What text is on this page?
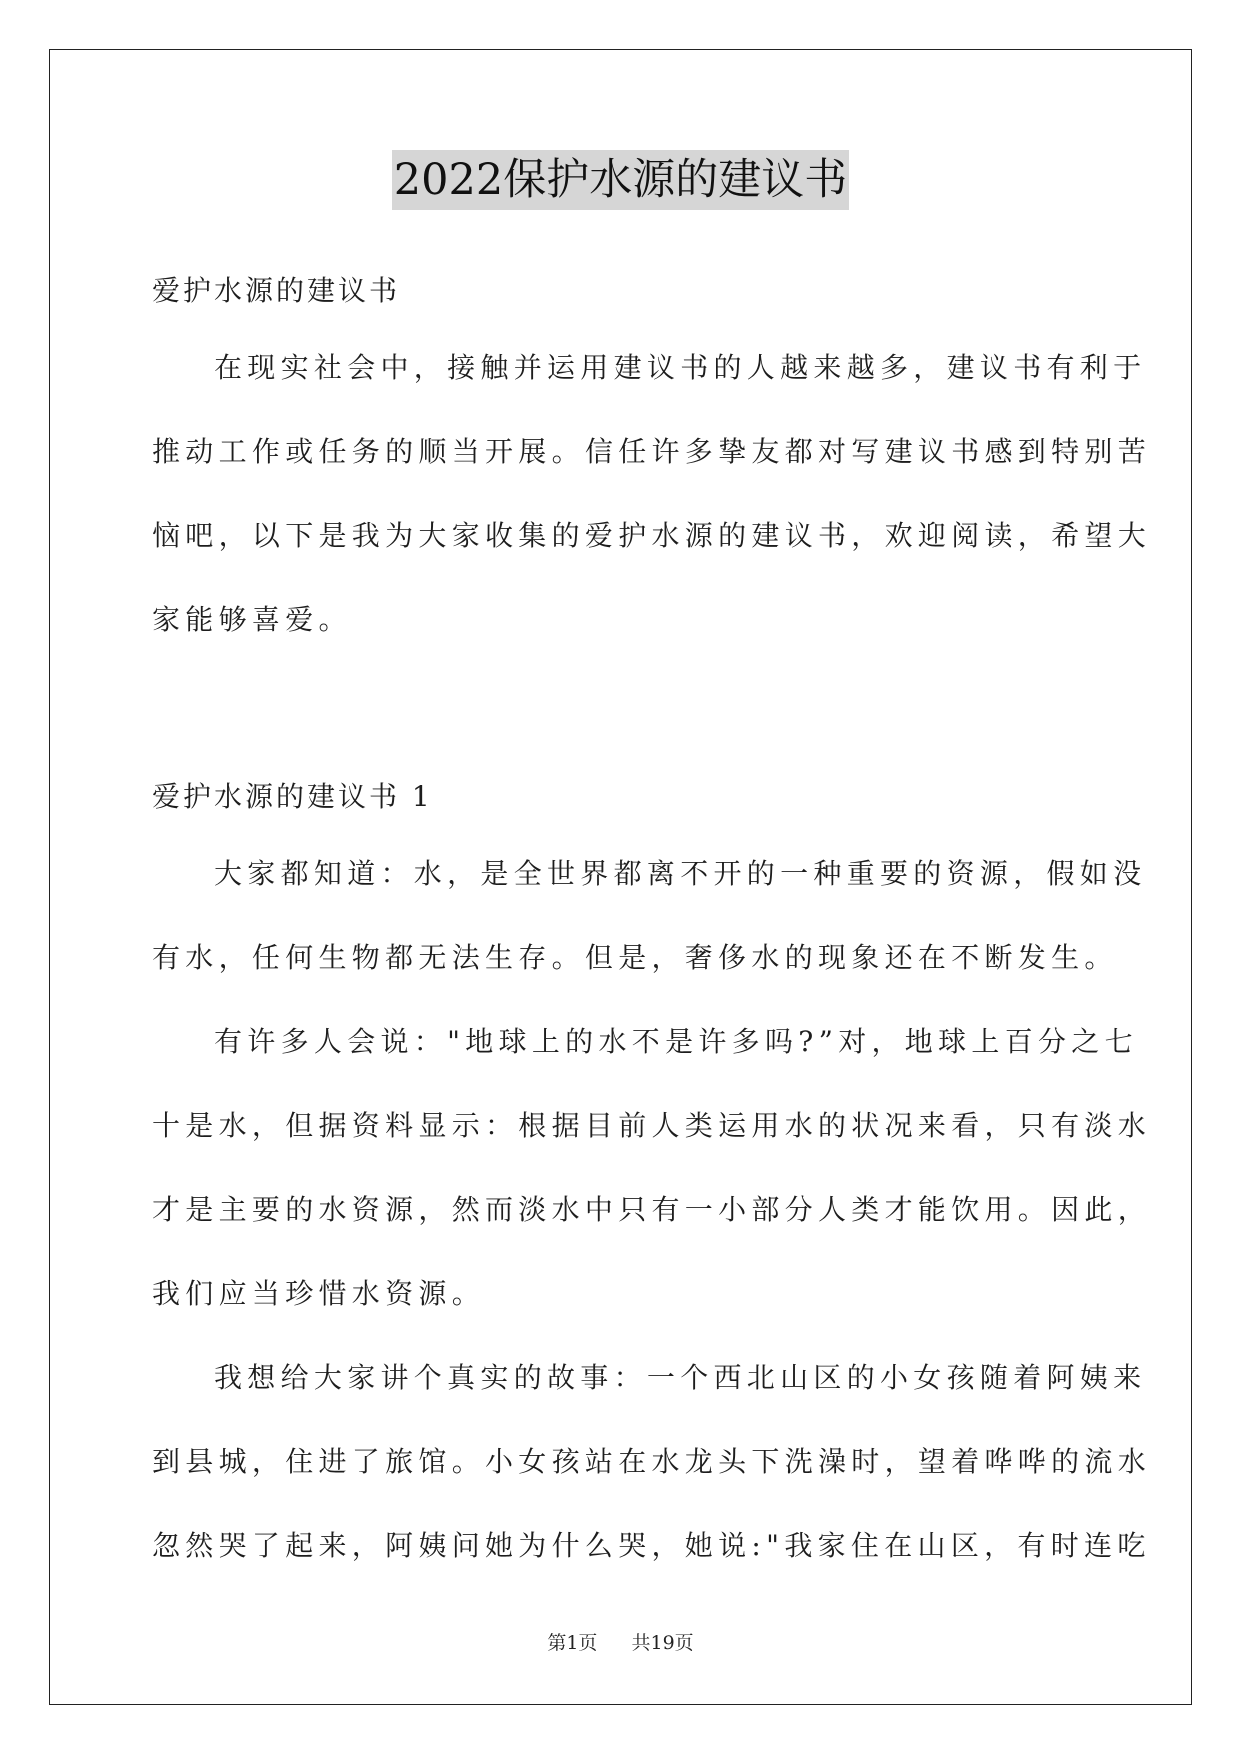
2022保护水源的建议书
爱护水源的建议书
在现实社会中，接触并运用建议书的人越来越多，建议书有利于
推动工作或任务的顺当开展。信任许多挚友都对写建议书感到特别苦
恼吧，以下是我为大家收集的爱护水源的建议书，欢迎阅读，希望大
家能够喜爱。
爱护水源的建议书 1
大家都知道：水，是全世界都离不开的一种重要的资源，假如没
有水，任何生物都无法生存。但是，奢侈水的现象还在不断发生。
有许多人会说："地球上的水不是许多吗?”对，地球上百分之七
十是水，但据资料显示：根据目前人类运用水的状况来看，只有淡水
才是主要的水资源，然而淡水中只有一小部分人类才能饮用。因此，
我们应当珍惜水资源。
我想给大家讲个真实的故事：一个西北山区的小女孩随着阿姨来
到县城，住进了旅馆。小女孩站在水龙头下洗澡时，望着哗哗的流水
忽然哭了起来，阿姨问她为什么哭，她说:"我家住在山区，有时连吃
第1页 共19页
